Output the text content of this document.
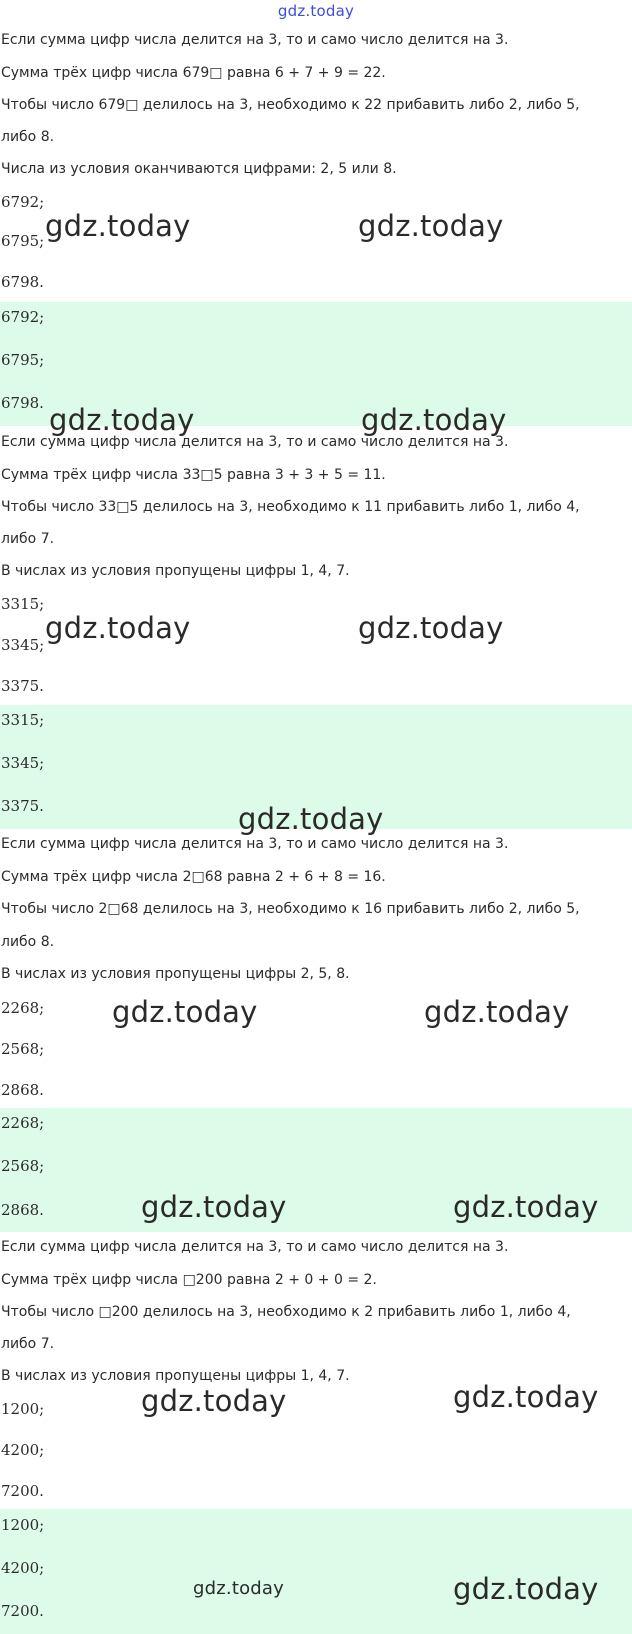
gdz.today
Если сумма цифр числа делится на 3, то и само число делится на 3.
Сумма трёх цифр числа 679□ равна 6 + 7 + 9 = 22.
Чтобы число 679□ делилось на 3, необходимо к 22 прибавить либо 2, либо 5,
либо 8.
Числа из условия оканчиваются цифрами: 2, 5 или 8.
6792;
6795;
6798.
6792;
6795;
6798.
gdz.today	gdz.today
gdz.today	gdz.today
Если сумма цифр числа делится на 3, то и само число делится на 3.
Сумма трёх цифр числа 33□5 равна 3 + 3 + 5 = 11.
Чтобы число 33□5 делилось на 3, необходимо к 11 прибавить либо 1, либо 4,
либо 7.
В числах из условия пропущены цифры 1, 4, 7.
3315;
3345;
3375.
3315;
3345;
3375.
gdz.today	gdz.today
gdz.today
Если сумма цифр числа делится на 3, то и само число делится на 3.
Сумма трёх цифр числа 2□68 равна 2 + 6 + 8 = 16.
Чтобы число 2□68 делилось на 3, необходимо к 16 прибавить либо 2, либо 5,
либо 8.
В числах из условия пропущены цифры 2, 5, 8.
2268;
2568;
2868.
2268;
2568;
2868.
gdz.today	gdz.today
gdz.today	gdz.today
Если сумма цифр числа делится на 3, то и само число делится на 3.
Сумма трёх цифр числа □200 равна 2 + 0 + 0 = 2.
Чтобы число □200 делилось на 3, необходимо к 2 прибавить либо 1, либо 4,
либо 7.
В числах из условия пропущены цифры 1, 4, 7.
1200;
4200;
7200.
1200;
4200;
7200.
gdz.today	gdz.today
gdz.today	gdz.today
